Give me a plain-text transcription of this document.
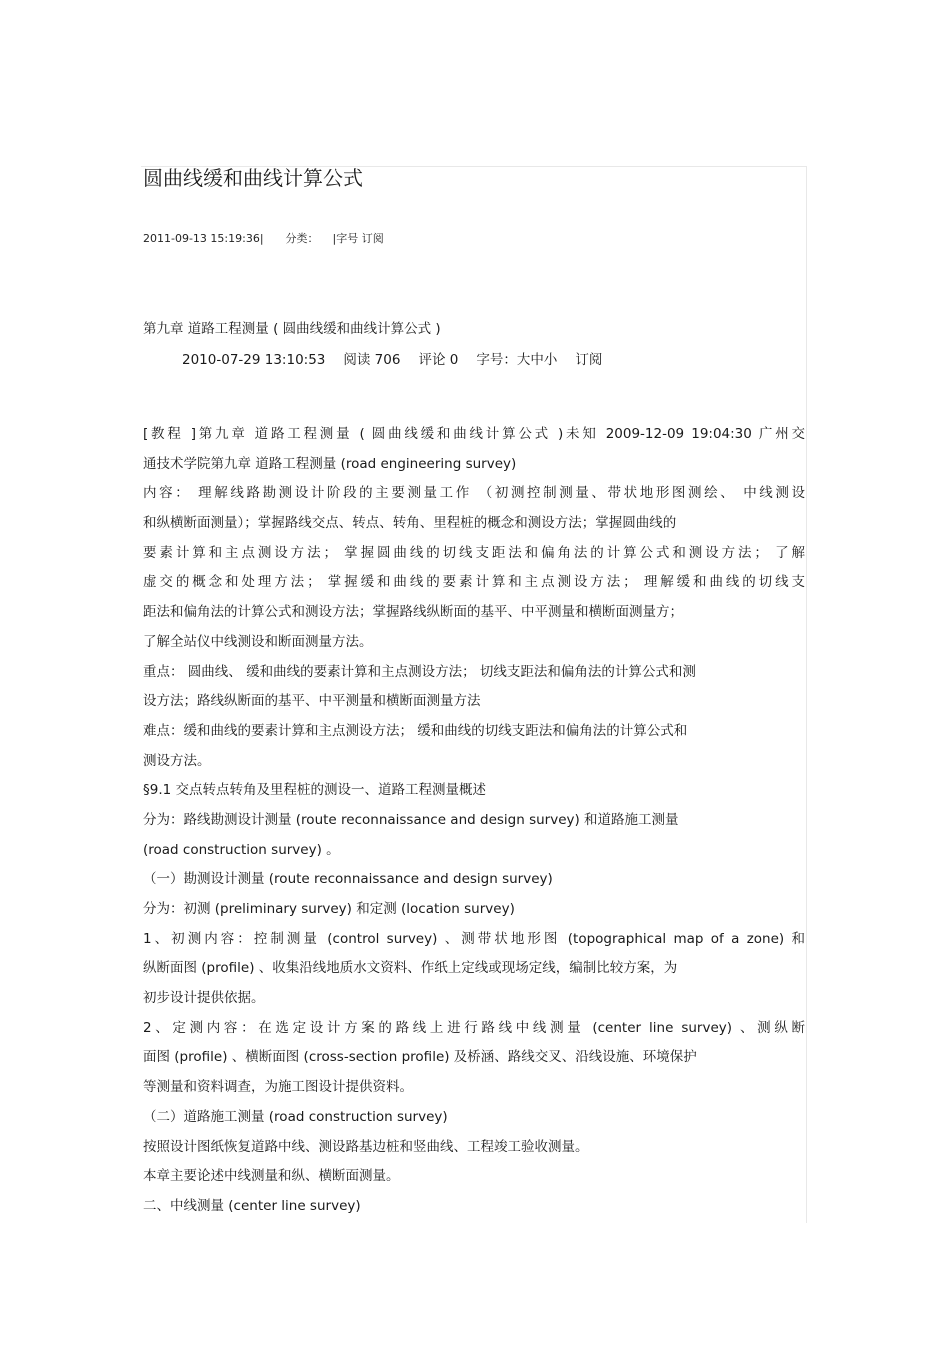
圆曲线缓和曲线计算公式
2011-09-13 15:19:36| 分类： |字号 订阅
第九章 道路工程测量 ( 圆曲线缓和曲线计算公式 )
2010-07-29 13:10:53 阅读 706 评论 0 字号：大中小 订阅
[教程 ]第九章 道路工程测量 ( 圆曲线缓和曲线计算公式 )未知 2009-12-09 19:04:30 广州交
通技术学院第九章 道路工程测量 (road engineering survey)
内容： 理解线路勘测设计阶段的主要测量工作 （初测控制测量、带状地形图测绘、 中线测设
和纵横断面测量）；掌握路线交点、转点、转角、里程桩的概念和测设方法；掌握圆曲线的
要素计算和主点测设方法； 掌握圆曲线的切线支距法和偏角法的计算公式和测设方法； 了解
虚交的概念和处理方法； 掌握缓和曲线的要素计算和主点测设方法； 理解缓和曲线的切线支
距法和偏角法的计算公式和测设方法；掌握路线纵断面的基平、中平测量和横断面测量方；
了解全站仪中线测设和断面测量方法。
重点： 圆曲线、 缓和曲线的要素计算和主点测设方法； 切线支距法和偏角法的计算公式和测
设方法；路线纵断面的基平、中平测量和横断面测量方法
难点：缓和曲线的要素计算和主点测设方法； 缓和曲线的切线支距法和偏角法的计算公式和
测设方法。
§9.1 交点转点转角及里程桩的测设一、道路工程测量概述
分为：路线勘测设计测量 (route reconnaissance and design survey) 和道路施工测量
(road construction survey) 。
（一）勘测设计测量 (route reconnaissance and design survey)
分为：初测 (preliminary survey) 和定测 (location survey)
1、初测内容：控制测量 (control survey) 、测带状地形图 (topographical map of a zone) 和
纵断面图 (profile) 、收集沿线地质水文资料、作纸上定线或现场定线，编制比较方案，为
初步设计提供依据。
2、定测内容：在选定设计方案的路线上进行路线中线测量 (center line survey) 、测纵断
面图 (profile) 、横断面图 (cross-section profile) 及桥涵、路线交叉、沿线设施、环境保护
等测量和资料调查，为施工图设计提供资料。
（二）道路施工测量 (road construction survey)
按照设计图纸恢复道路中线、测设路基边桩和竖曲线、工程竣工验收测量。
本章主要论述中线测量和纵、横断面测量。
二、中线测量 (center line survey)
